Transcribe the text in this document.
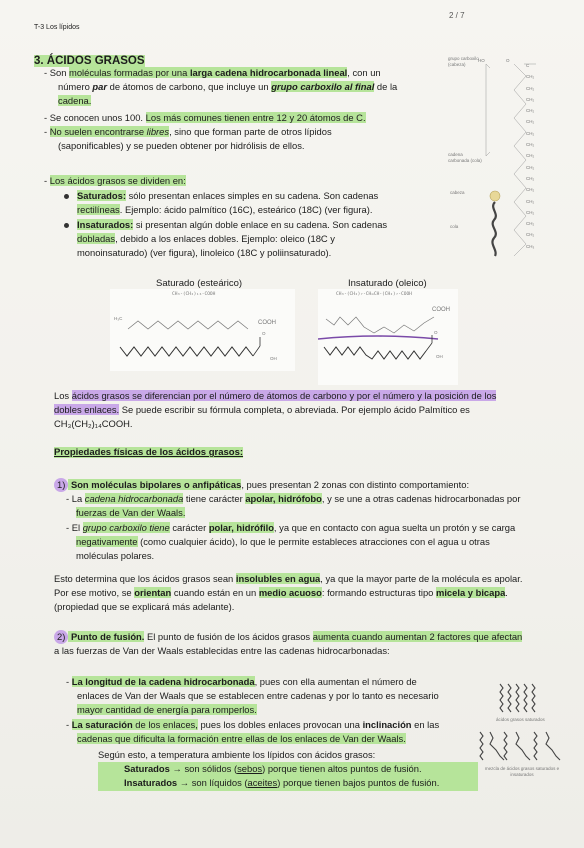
T-3 Los lípidos
2 / 7
3. ÁCIDOS GRASOS
- Son moléculas formadas por una larga cadena hidrocarbonada lineal, con un
número par de átomos de carbono, que incluye un grupo carboxilo al final de la
cadena.
- Se conocen unos 100. Los más comunes tienen entre 12 y 20 átomos de C.
- No suelen encontrarse libres, sino que forman parte de otros lípidos
(saponificables) y se pueden obtener por hidrólisis de ellos.
- Los ácidos grasos se dividen en:
Saturados: sólo presentan enlaces simples en su cadena. Son cadenas
rectilíneas. Ejemplo: ácido palmítico (16C), esteárico (18C) (ver figura).
Insaturados: si presentan algún doble enlace en su cadena. Son cadenas
dobladas, debido a los enlaces dobles. Ejemplo: oleico (18C y
monoinsaturado) (ver figura), linoleico (18C y poliinsaturado).
grupo carboxilo (cabeza)
cadena carbonada (cola)
cabeza
cola
HO	O
C
CH₂
CH₂
CH₂
CH₂
CH₂
CH₂
CH₂
CH₂
CH₂
CH₂
CH₂
CH₂
CH₂
CH₂
CH₂
CH₃
Saturado (esteárico)	Insaturado (oleico)
CH₃-(CH₂)₁₆-COOH
H₃C
COOH
O
OH
CH₃-(CH₂)₇-CH=CH-(CH₂)₇-COOH
COOH
O
OH
Los ácidos grasos se diferencian por el número de átomos de carbono y por el número y la posición de los
dobles enlaces. Se puede escribir su fórmula completa, o abreviada. Por ejemplo ácido Palmítico es
CH₃(CH₂)₁₄COOH.
Propiedades físicas de los ácidos grasos:
1) Son moléculas bipolares o anfipáticas, pues presentan 2 zonas con distinto comportamiento:
- La cadena hidrocarbonada tiene carácter apolar, hidrófobo, y se une a otras cadenas hidrocarbonadas por
fuerzas de Van der Waals.
- El grupo carboxilo tiene carácter polar, hidrófilo, ya que en contacto con agua suelta un protón y se carga
negativamente (como cualquier ácido), lo que le permite estableces atracciones con el agua u otras
moléculas polares.
Esto determina que los ácidos grasos sean insolubles en agua, ya que la mayor parte de la molécula es apolar.
Por ese motivo, se orientan cuando están en un medio acuoso: formando estructuras tipo micela y bicapa.
(propiedad que se explicará más adelante).
2) Punto de fusión. El punto de fusión de los ácidos grasos aumenta cuando aumentan 2 factores que afectan
a las fuerzas de Van der Waals establecidas entre las cadenas hidrocarbonadas:
- La longitud de la cadena hidrocarbonada, pues con ella aumentan el número de
enlaces de Van der Waals que se establecen entre cadenas y por lo tanto es necesario
mayor cantidad de energía para romperlos.
- La saturación de los enlaces, pues los dobles enlaces provocan una inclinación en las
cadenas que dificulta la formación entre ellas de los enlaces de Van der Waals.
Según esto, a temperatura ambiente los lípidos con ácidos grasos:
Saturados → son sólidos (sebos) porque tienen altos puntos de fusión.
Insaturados → son líquidos (aceites) porque tienen bajos puntos de fusión.
ácidos grasos saturados
mezcla de ácidos grasos saturados e insaturados
